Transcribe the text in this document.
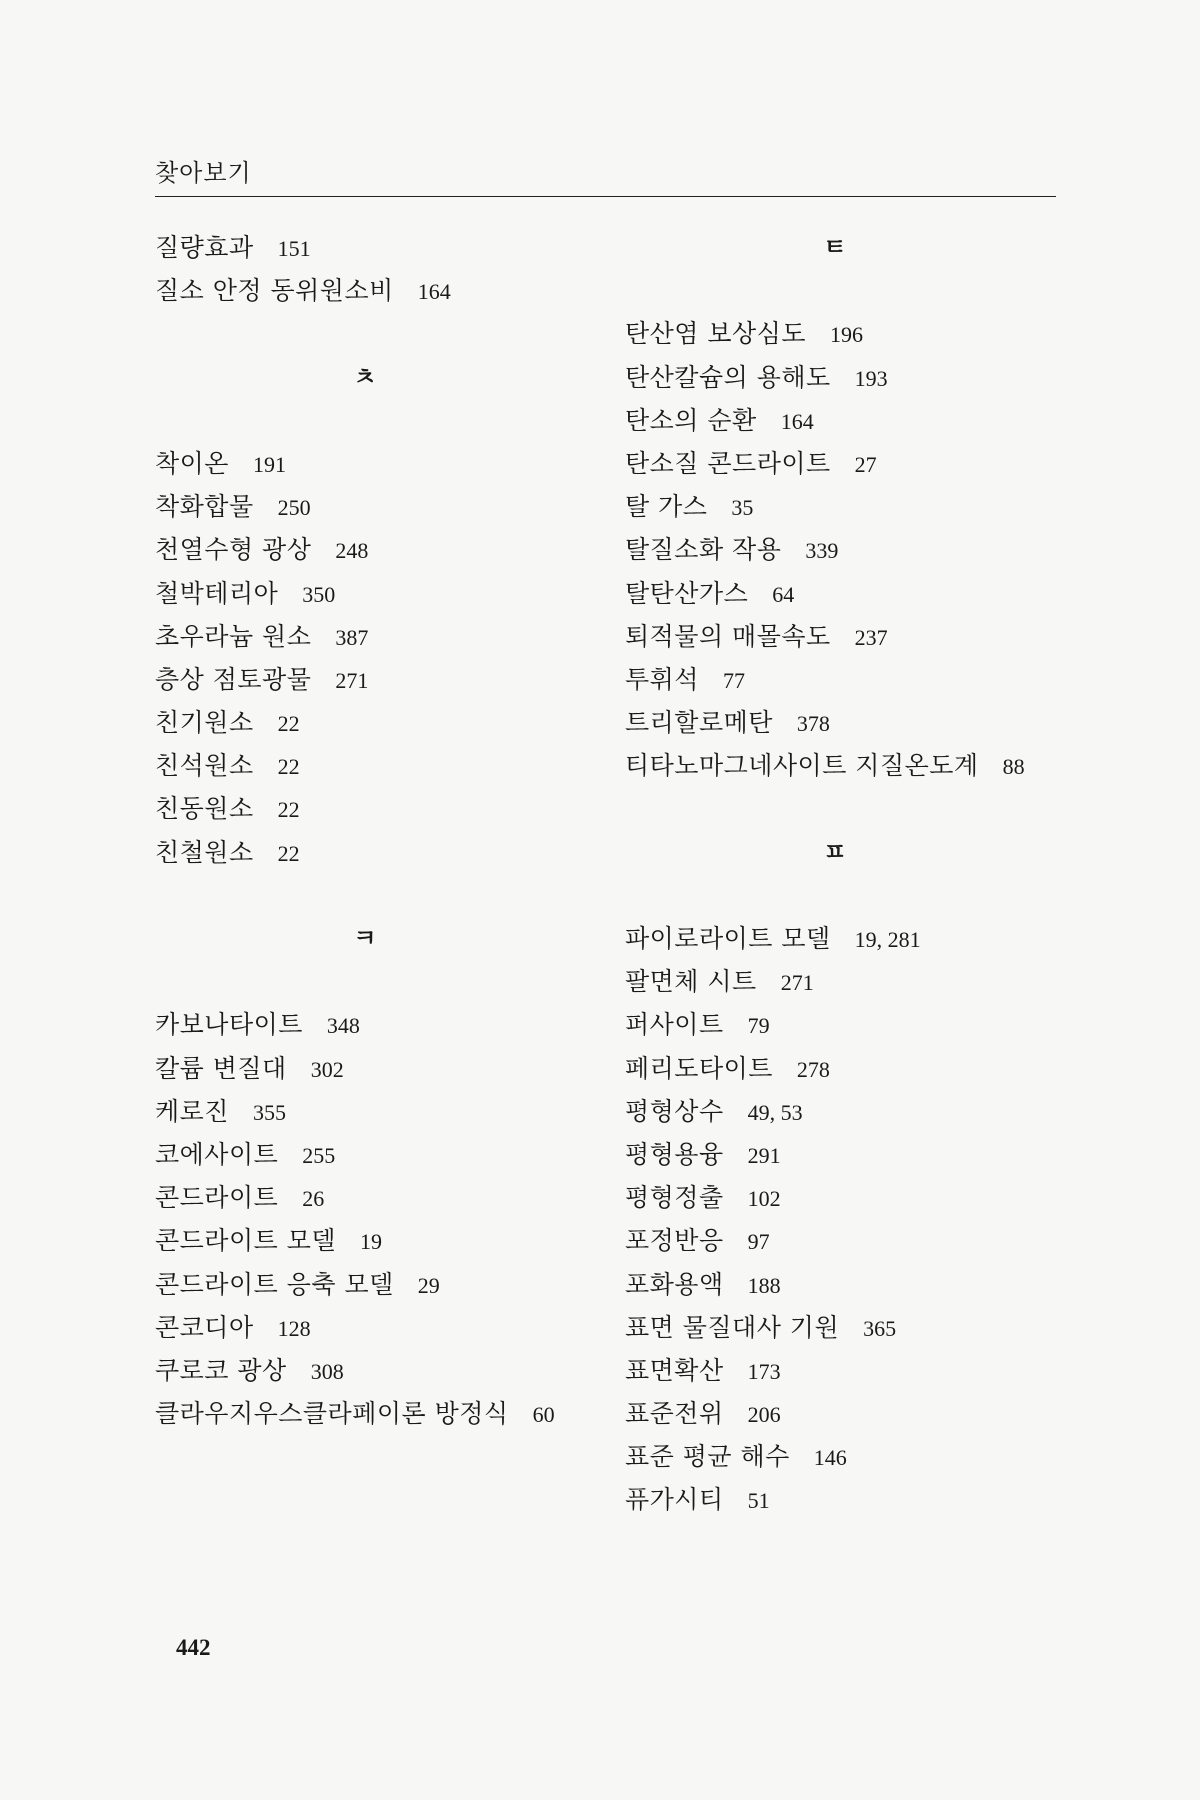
찾아보기
질량효과 151
질소 안정 동위원소비 164
ㅊ
착이온 191
착화합물 250
천열수형 광상 248
철박테리아 350
초우라늄 원소 387
층상 점토광물 271
친기원소 22
친석원소 22
친동원소 22
친철원소 22
ㅋ
카보나타이트 348
칼륨 변질대 302
케로진 355
코에사이트 255
콘드라이트 26
콘드라이트 모델 19
콘드라이트 응축 모델 29
콘코디아 128
쿠로코 광상 308
클라우지우스클라페이론 방정식 60
ㅌ
탄산염 보상심도 196
탄산칼슘의 용해도 193
탄소의 순환 164
탄소질 콘드라이트 27
탈 가스 35
탈질소화 작용 339
탈탄산가스 64
퇴적물의 매몰속도 237
투휘석 77
트리할로메탄 378
티타노마그네사이트 지질온도계 88
ㅍ
파이로라이트 모델 19, 281
팔면체 시트 271
퍼사이트 79
페리도타이트 278
평형상수 49, 53
평형용융 291
평형정출 102
포정반응 97
포화용액 188
표면 물질대사 기원 365
표면확산 173
표준전위 206
표준 평균 해수 146
퓨가시티 51
442
